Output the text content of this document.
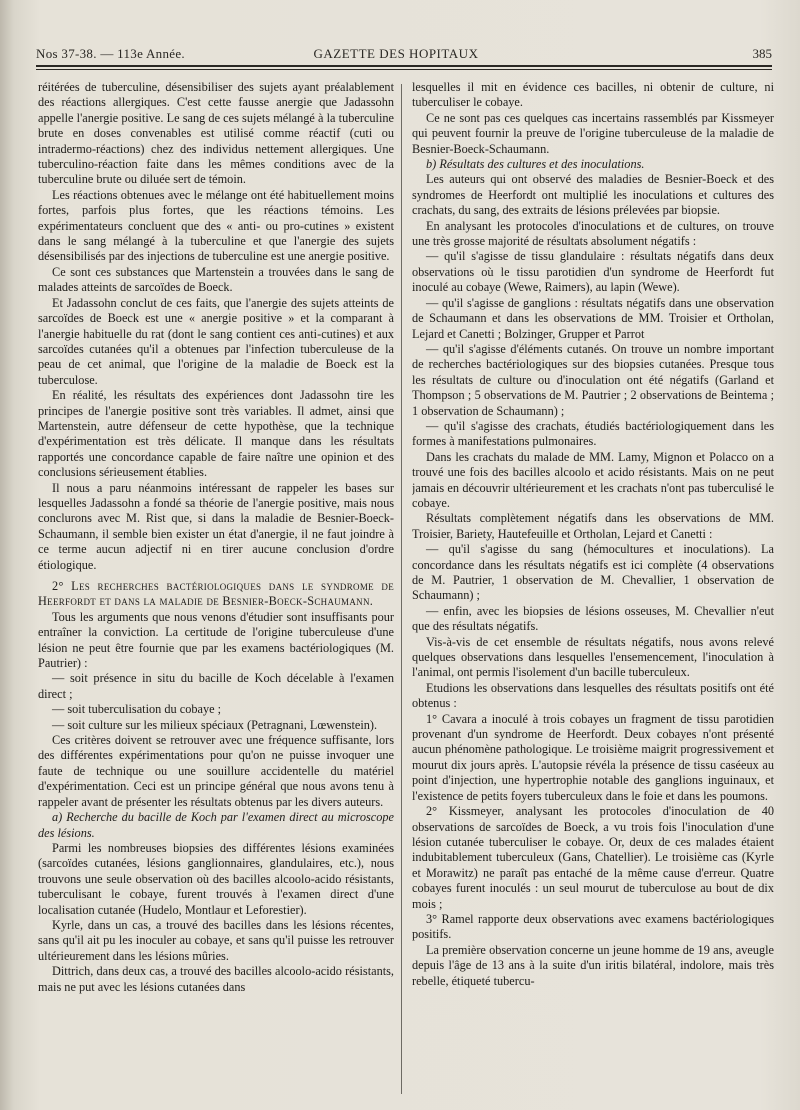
Nos 37-38. — 113e Année.	GAZETTE DES HOPITAUX	385

réitérées de tuberculine, désensibiliser des sujets ayant préalablement des réactions allergiques. C'est cette fausse anergie que Jadassohn appelle l'anergie positive. Le sang de ces sujets mélangé à la tuberculine brute en doses convenables est utilisé comme réactif (cuti ou intradermo-réactions) chez des individus nettement allergiques. Une tuberculino-réaction faite dans les mêmes conditions avec de la tuberculine brute ou diluée sert de témoin.

Les réactions obtenues avec le mélange ont été habituellement moins fortes, parfois plus fortes, que les réactions témoins. Les expérimentateurs concluent que des « anti- ou pro-cutines » existent dans le sang mélangé à la tuberculine et que l'anergie des sujets désensibilisés par des injections de tuberculine est une anergie positive.

Ce sont ces substances que Martenstein a trouvées dans le sang de malades atteints de sarcoïdes de Boeck.

Et Jadassohn conclut de ces faits, que l'anergie des sujets atteints de sarcoïdes de Boeck est une « anergie positive » et la comparant à l'anergie habituelle du rat (dont le sang contient ces anti-cutines) et aux sarcoïdes cutanées qu'il a obtenues par l'infection tuberculeuse de la peau de cet animal, que l'origine de la maladie de Boeck est la tuberculose.

En réalité, les résultats des expériences dont Jadassohn tire les principes de l'anergie positive sont très variables. Il admet, ainsi que Martenstein, autre défenseur de cette hypothèse, que la technique d'expérimentation est très délicate. Il manque dans les résultats rapportés une concordance capable de faire naître une opinion et des conclusions sérieusement établies.

Il nous a paru néanmoins intéressant de rappeler les bases sur lesquelles Jadassohn a fondé sa théorie de l'anergie positive, mais nous conclurons avec M. Rist que, si dans la maladie de Besnier-Boeck-Schaumann, il semble bien exister un état d'anergie, il ne faut joindre à ce terme aucun adjectif ni en tirer aucune conclusion d'ordre étiologique.

2° Les recherches bactériologiques dans le syndrome de Heerfordt et dans la maladie de Besnier-Boeck-Schaumann.

Tous les arguments que nous venons d'étudier sont insuffisants pour entraîner la conviction. La certitude de l'origine tuberculeuse d'une lésion ne peut être fournie que par les examens bactériologiques (M. Pautrier) :

— soit présence in situ du bacille de Koch décelable à l'examen direct ;

— soit tuberculisation du cobaye ;

— soit culture sur les milieux spéciaux (Petragnani, Lœwenstein).

Ces critères doivent se retrouver avec une fréquence suffisante, lors des différentes expérimentations pour qu'on ne puisse invoquer une faute de technique ou une souillure accidentelle du matériel d'expérimentation. Ceci est un principe général que nous avons tenu à rappeler avant de présenter les résultats obtenus par les divers auteurs.

a) Recherche du bacille de Koch par l'examen direct au microscope des lésions.

Parmi les nombreuses biopsies des différentes lésions examinées (sarcoïdes cutanées, lésions ganglionnaires, glandulaires, etc.), nous trouvons une seule observation où des bacilles alcoolo-acido résistants, tuberculisant le cobaye, furent trouvés à l'examen direct d'une localisation cutanée (Hudelo, Montlaur et Leforestier).

Kyrle, dans un cas, a trouvé des bacilles dans les lésions récentes, sans qu'il ait pu les inoculer au cobaye, et sans qu'il puisse les retrouver ultérieurement dans les lésions mûries.

Dittrich, dans deux cas, a trouvé des bacilles alcoolo-acido résistants, mais ne put avec les lésions cutanées dans

lesquelles il mit en évidence ces bacilles, ni obtenir de culture, ni tuberculiser le cobaye.

Ce ne sont pas ces quelques cas incertains rassemblés par Kissmeyer qui peuvent fournir la preuve de l'origine tuberculeuse de la maladie de Besnier-Boeck-Schaumann.

b) Résultats des cultures et des inoculations.

Les auteurs qui ont observé des maladies de Besnier-Boeck et des syndromes de Heerfordt ont multiplié les inoculations et cultures des crachats, du sang, des extraits de lésions prélevées par biopsie.

En analysant les protocoles d'inoculations et de cultures, on trouve une très grosse majorité de résultats absolument négatifs :

— qu'il s'agisse de tissu glandulaire : résultats négatifs dans deux observations où le tissu parotidien d'un syndrome de Heerfordt fut inoculé au cobaye (Wewe, Raimers), au lapin (Wewe).

— qu'il s'agisse de ganglions : résultats négatifs dans une observation de Schaumann et dans les observations de MM. Troisier et Ortholan, Lejard et Canetti ; Bolzinger, Grupper et Parrot

— qu'il s'agisse d'éléments cutanés. On trouve un nombre important de recherches bactériologiques sur des biopsies cutanées. Presque tous les résultats de culture ou d'inoculation ont été négatifs (Garland et Thompson ; 5 observations de M. Pautrier ; 2 observations de Beintema ; 1 observation de Schaumann) ;

— qu'il s'agisse des crachats, étudiés bactériologiquement dans les formes à manifestations pulmonaires.

Dans les crachats du malade de MM. Lamy, Mignon et Polacco on a trouvé une fois des bacilles alcoolo et acido résistants. Mais on ne peut jamais en découvrir ultérieurement et les crachats n'ont pas tuberculisé le cobaye.

Résultats complètement négatifs dans les observations de MM. Troisier, Bariety, Hautefeuille et Ortholan, Lejard et Canetti :

— qu'il s'agisse du sang (hémocultures et inoculations). La concordance dans les résultats négatifs est ici complète (4 observations de M. Pautrier, 1 observation de M. Chevallier, 1 observation de Schaumann) ;

— enfin, avec les biopsies de lésions osseuses, M. Chevallier n'eut que des résultats négatifs.

Vis-à-vis de cet ensemble de résultats négatifs, nous avons relevé quelques observations dans lesquelles l'ensemencement, l'inoculation à l'animal, ont permis l'isolement d'un bacille tuberculeux.

Etudions les observations dans lesquelles des résultats positifs ont été obtenus :

1° Cavara a inoculé à trois cobayes un fragment de tissu parotidien provenant d'un syndrome de Heerfordt. Deux cobayes n'ont présenté aucun phénomène pathologique. Le troisième maigrit progressivement et mourut dix jours après. L'autopsie révéla la présence de tissu caséeux au point d'injection, une hypertrophie notable des ganglions inguinaux, et l'existence de petits foyers tuberculeux dans le foie et dans les poumons.

2° Kissmeyer, analysant les protocoles d'inoculation de 40 observations de sarcoïdes de Boeck, a vu trois fois l'inoculation d'une lésion cutanée tuberculiser le cobaye. Or, deux de ces malades étaient indubitablement tuberculeux (Gans, Chatellier). Le troisième cas (Kyrle et Morawitz) ne paraît pas entaché de la même cause d'erreur. Quatre cobayes furent inoculés : un seul mourut de tuberculose au bout de dix mois ;

3° Ramel rapporte deux observations avec examens bactériologiques positifs.

La première observation concerne un jeune homme de 19 ans, aveugle depuis l'âge de 13 ans à la suite d'un iritis bilatéral, indolore, mais très rebelle, étiqueté tubercu-
